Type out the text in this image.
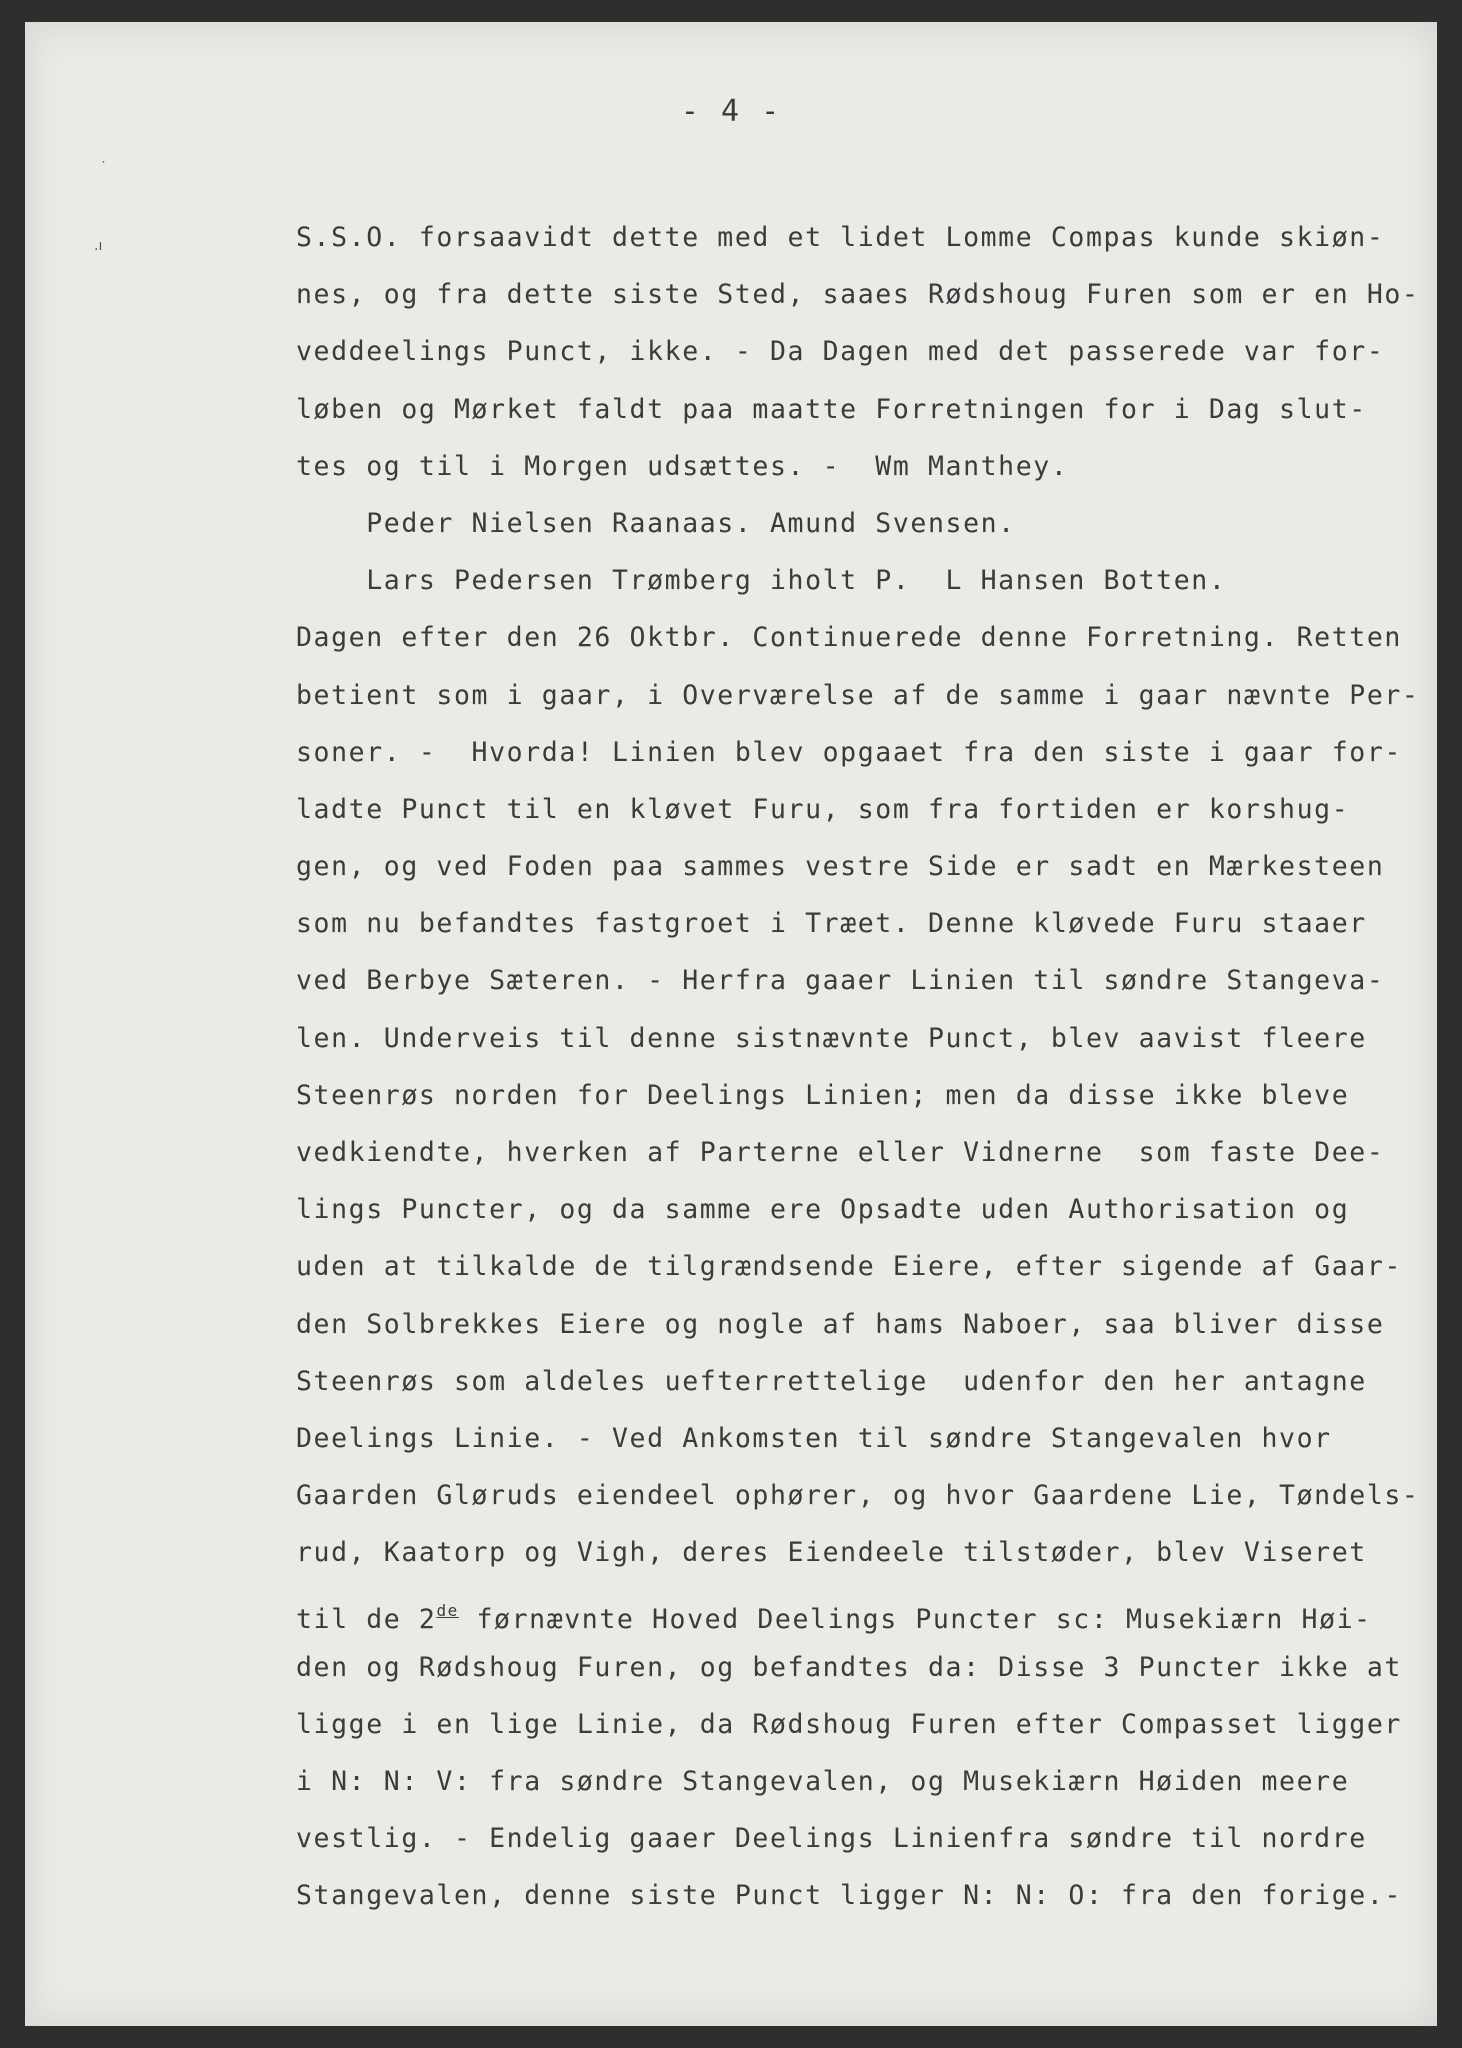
˙
.ı
- 4 -
S.S.O. forsaavidt dette med et lidet Lomme Compas kunde skiøn-
nes, og fra dette siste Sted, saaes Rødshoug Furen som er en Ho-
veddeelings Punct, ikke. - Da Dagen med det passerede var for-
løben og Mørket faldt paa maatte Forretningen for i Dag slut-
tes og til i Morgen udsættes. - Wm Manthey.
Peder Nielsen Raanaas. Amund Svensen.
Lars Pedersen Trømberg iholt P.  L Hansen Botten.
Dagen efter den 26 Oktbr. Continuerede denne Forretning. Retten
betient som i gaar, i Overværelse af de samme i gaar nævnte Per-
soner. -  Hvorda! Linien blev opgaaet fra den siste i gaar for-
ladte Punct til en kløvet Furu, som fra fortiden er korshug-
gen, og ved Foden paa sammes vestre Side er sadt en Mærkesteen
som nu befandtes fastgroet i Træet. Denne kløvede Furu staaer
ved Berbye Sæteren. - Herfra gaaer Linien til søndre Stangeva-
len. Underveis til denne sistnævnte Punct, blev aavist fleere
Steenrøs norden for Deelings Linien; men da disse ikke bleve
vedkiendte, hverken af Parterne eller Vidnerne  som faste Dee-
lings Puncter, og da samme ere Opsadte uden Authorisation og
uden at tilkalde de tilgrændsende Eiere, efter sigende af Gaar-
den Solbrekkes Eiere og nogle af hams Naboer, saa bliver disse
Steenrøs som aldeles uefterrettelige  udenfor den her antagne
Deelings Linie. - Ved Ankomsten til søndre Stangevalen hvor
Gaarden Gløruds eiendeel ophører, og hvor Gaardene Lie, Tøndels-
rud, Kaatorp og Vigh, deres Eiendeele tilstøder, blev Viseret
til de 2de førnævnte Hoved Deelings Puncter sc: Musekiærn Høi-
den og Rødshoug Furen, og befandtes da: Disse 3 Puncter ikke at
ligge i en lige Linie, da Rødshoug Furen efter Compasset ligger
i N: N: V: fra søndre Stangevalen, og Musekiærn Høiden meere
vestlig. - Endelig gaaer Deelings Linienfra søndre til nordre
Stangevalen, denne siste Punct ligger N: N: O: fra den forige.-
